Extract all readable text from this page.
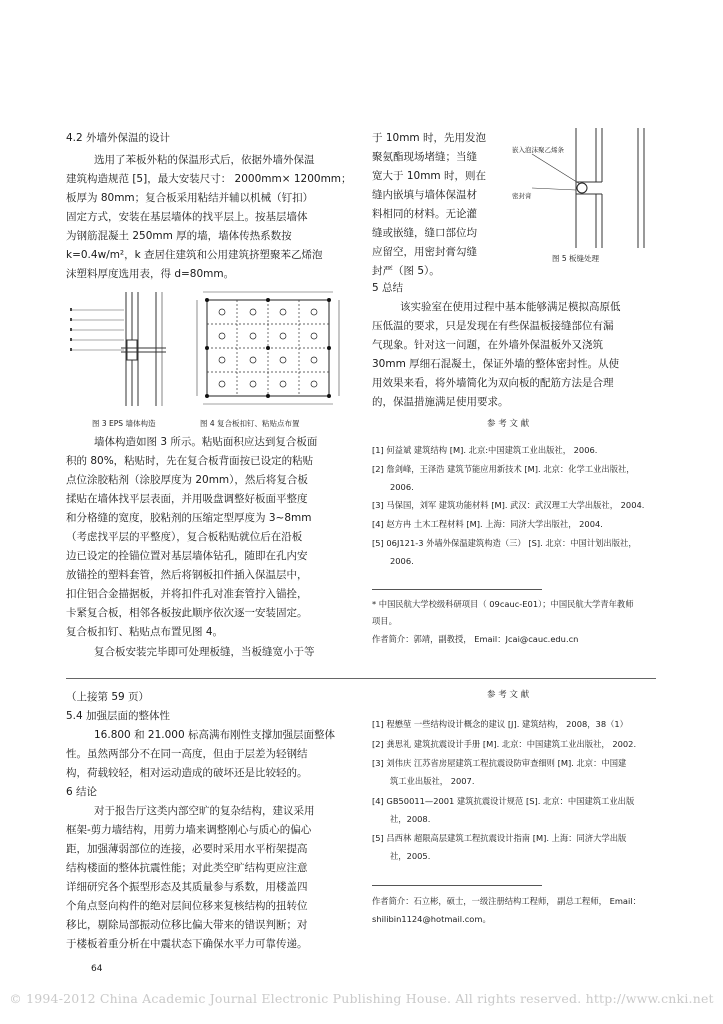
4.2 外墙外保温的设计
选用了苯板外粘的保温形式后，依据外墙外保温
建筑构造规范 [5]，最大安装尺寸： 2000mm× 1200mm；
板厚为 80mm；复合板采用粘结并辅以机械（钉扣）
固定方式，安装在基层墙体的找平层上。按基层墙体
为钢筋混凝土 250mm 厚的墙，墙体传热系数按
k=0.4w/m²，k 查居住建筑和公用建筑挤塑聚苯乙烯泡
沫塑料厚度选用表，得 d=80mm。
图 3 EPS 墙体构造	图 4 复合板扣钉、粘贴点布置
墙体构造如图 3 所示。粘贴面积应达到复合板面
积的 80%，粘贴时，先在复合板背面按已设定的粘贴
点位涂胶粘剂（涂胶厚度为 20mm），然后将复合板
揉贴在墙体找平层表面，并用吸盘调整好板面平整度
和分格缝的宽度，胶粘剂的压缩定型厚度为 3~8mm
（考虑找平层的平整度），复合板粘贴就位后在沿板
边已设定的拴锚位置对基层墙体钻孔，随即在孔内安
放锚拴的塑料套管，然后将钢板扣件插入保温层中，
扣住铝合金描据板，并将扣件孔对准套管拧入锚拴，
卡紧复合板，相邻各板按此顺序依次逐一安装固定。
复合板扣钉、粘贴点布置见图 4。
复合板安装完毕即可处理板缝，当板缝宽小于等
于 10mm 时，先用发泡
聚氨酯现场堵缝；当缝
宽大于 10mm 时，则在
缝内嵌填与墙体保温材
料相同的材料。无论灌
缝或嵌缝，缝口部位均
应留空，用密封膏勾缝
封严（图 5）。
嵌入泡沫聚乙烯条
密封膏
图 5 板缝处理
5 总结
该实验室在使用过程中基本能够满足模拟高原低
压低温的要求，只是发现在有些保温板接缝部位有漏
气现象。针对这一问题，在外墙外保温板外又浇筑
30mm 厚细石混凝土，保证外墙的整体密封性。从使
用效果来看，将外墙简化为双向板的配筋方法是合理
的，保温措施满足使用要求。
参 考 文 献
[1] 何益斌 建筑结构 [M]. 北京:中国建筑工业出版社， 2006.
[2] 詹剑峰，王泽浩 建筑节能应用新技术 [M]. 北京：化学工业出版社，
2006.
[3] 马保国，刘军 建筑功能材料 [M]. 武汉：武汉理工大学出版社， 2004.
[4] 赵方冉 土木工程材料 [M]. 上海：同济大学出版社， 2004.
[5] 06J121-3 外墙外保温建筑构造（三） [S]. 北京：中国计划出版社，
2006.
* 中国民航大学校级科研项目（ 09cauc-E01）；中国民航大学青年教师
项目。
作者简介：郭靖，副教授， Email：Jcai@cauc.edu.cn
（上接第 59 页）
5.4 加强层面的整体性
16.800 和 21.000 标高满布刚性支撑加强层面整体
性。虽然两部分不在同一高度，但由于层差为轻钢结
构，荷载较轻，相对运动造成的破坏还是比较轻的。
6 结论
对于报告厅这类内部空旷的复杂结构，建议采用
框架-剪力墙结构，用剪力墙来调整刚心与质心的偏心
距，加强薄弱部位的连接，必要时采用水平桁架提高
结构楼面的整体抗震性能；对此类空旷结构更应注意
详细研究各个振型形态及其质量参与系数，用楼盖四
个角点竖向构件的绝对层间位移来复核结构的扭转位
移比，剔除局部振动位移比偏大带来的错误判断；对
于楼板着重分析在中震状态下确保水平力可靠传递。
参 考 文 献
[1] 程懋堃 一些结构设计概念的建议 [J]. 建筑结构， 2008，38（1）
[2] 龚思礼 建筑抗震设计手册 [M]. 北京：中国建筑工业出版社， 2002.
[3] 刘伟庆 江苏省房屋建筑工程抗震设防审查细则 [M]. 北京：中国建
筑工业出版社， 2007.
[4] GB50011—2001 建筑抗震设计规范 [S]. 北京：中国建筑工业出版
社，2008.
[5] 吕西林 超限高层建筑工程抗震设计指南 [M]. 上海：同济大学出版
社，2005.
作者简介：石立彬，硕士，一级注册结构工程师， 副总工程师， Email：
shilibin1124@hotmail.com。
64
© 1994-2012 China Academic Journal Electronic Publishing House. All rights reserved. http://www.cnki.net
